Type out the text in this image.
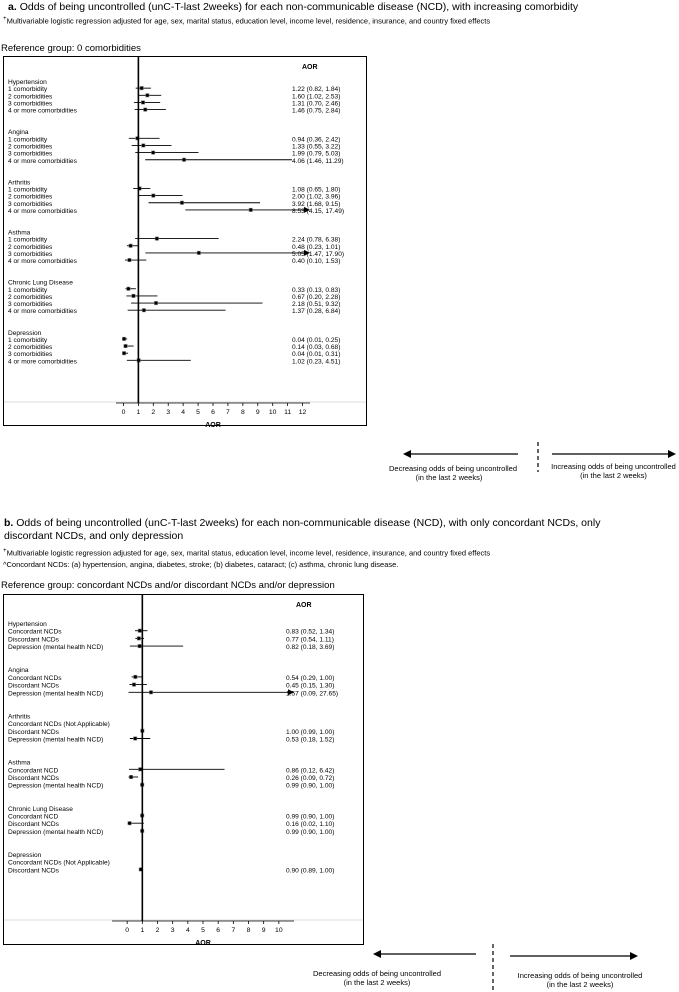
a. Odds of being uncontrolled (unC-T-last 2weeks) for each non-communicable disease (NCD), with increasing comorbidity
+Multivariable logistic regression adjusted for age, sex, marital status, education level, income level, residence, insurance, and country fixed effects
Reference group: 0 comorbidities
AOR
Hypertension
1 comorbidity	1.22 (0.82, 1.84)
2 comorbidities	1.60 (1.02, 2.53)
3 comorbidities	1.31 (0.70, 2.46)
4 or more comorbidities	1.46 (0.75, 2.84)
Angina
1 comorbidity	0.94 (0.36, 2.42)
2 comorbidities	1.33 (0.55, 3.22)
3 comorbidities	1.99 (0.79, 5.03)
4 or more comorbidities	4.06 (1.46, 11.29)
Arthritis
1 comorbidity	1.08 (0.65, 1.80)
2 comorbidities	2.00 (1.02, 3.96)
3 comorbidities	3.92 (1.68, 9.15)
4 or more comorbidities	8.53 (4.15, 17.49)
Asthma
1 comorbidity	2.24 (0.78, 6.38)
2 comorbidities	0.48 (0.23, 1.01)
3 comorbidities	5.05 (1.47, 17.90)
4 or more comorbidities	0.40 (0.10, 1.53)
Chronic Lung Disease
1 comorbidity	0.33 (0.13, 0.83)
2 comorbidities	0.67 (0.20, 2.28)
3 comorbidities	2.18 (0.51, 9.32)
4 or more comorbidities	1.37 (0.28, 6.84)
Depression
1 comorbidity	0.04 (0.01, 0.25)
2 comorbidities	0.14 (0.03, 0.68)
3 comorbidities	0.04 (0.01, 0.31)
4 or more comorbidities	1.02 (0.23, 4.51)
0 1 2 3 4 5 6 7 8 9 10 11 12
AOR
Decreasing odds of being uncontrolled
(in the last 2 weeks)
Increasing odds of being uncontrolled
(in the last 2 weeks)
b. Odds of being uncontrolled (unC-T-last 2weeks) for each non-communicable disease (NCD), with only concordant NCDs, only
discordant NCDs, and only depression
+Multivariable logistic regression adjusted for age, sex, marital status, education level, income level, residence, insurance, and country fixed effects
^Concordant NCDs: (a) hypertension, angina, diabetes, stroke; (b) diabetes, cataract; (c) asthma, chronic lung disease.
Reference group: concordant NCDs and/or discordant NCDs and/or depression
AOR
Hypertension
Concordant NCDs	0.83 (0.52, 1.34)
Discordant NCDs	0.77 (0.54, 1.11)
Depression (mental health NCD)	0.82 (0.18, 3.69)
Angina
Concordant NCDs	0.54 (0.29, 1.00)
Discordant NCDs	0.45 (0.15, 1.30)
Depression (mental health NCD)	1.57 (0.09, 27.65)
Arthritis
Concordant NCDs (Not Applicable)
Discordant NCDs	1.00 (0.99, 1.00)
Depression (mental health NCD)	0.53 (0.18, 1.52)
Asthma
Concordant NCD	0.86 (0.12, 6.42)
Discordant NCDs	0.26 (0.09, 0.72)
Depression (mental health NCD)	0.99 (0.90, 1.00)
Chronic Lung Disease
Concordant NCD	0.99 (0.90, 1.00)
Discordant NCDs	0.16 (0.02, 1.10)
Depression (mental health NCD)	0.99 (0.90, 1.00)
Depression
Concordant NCDs (Not Applicable)
Discordant NCDs	0.90 (0.89, 1.00)
0 1 2 3 4 5 6 7 8 9 10
AOR
Decreasing odds of being uncontrolled
(in the last 2 weeks)
Increasing odds of being uncontrolled
(in the last 2 weeks)
